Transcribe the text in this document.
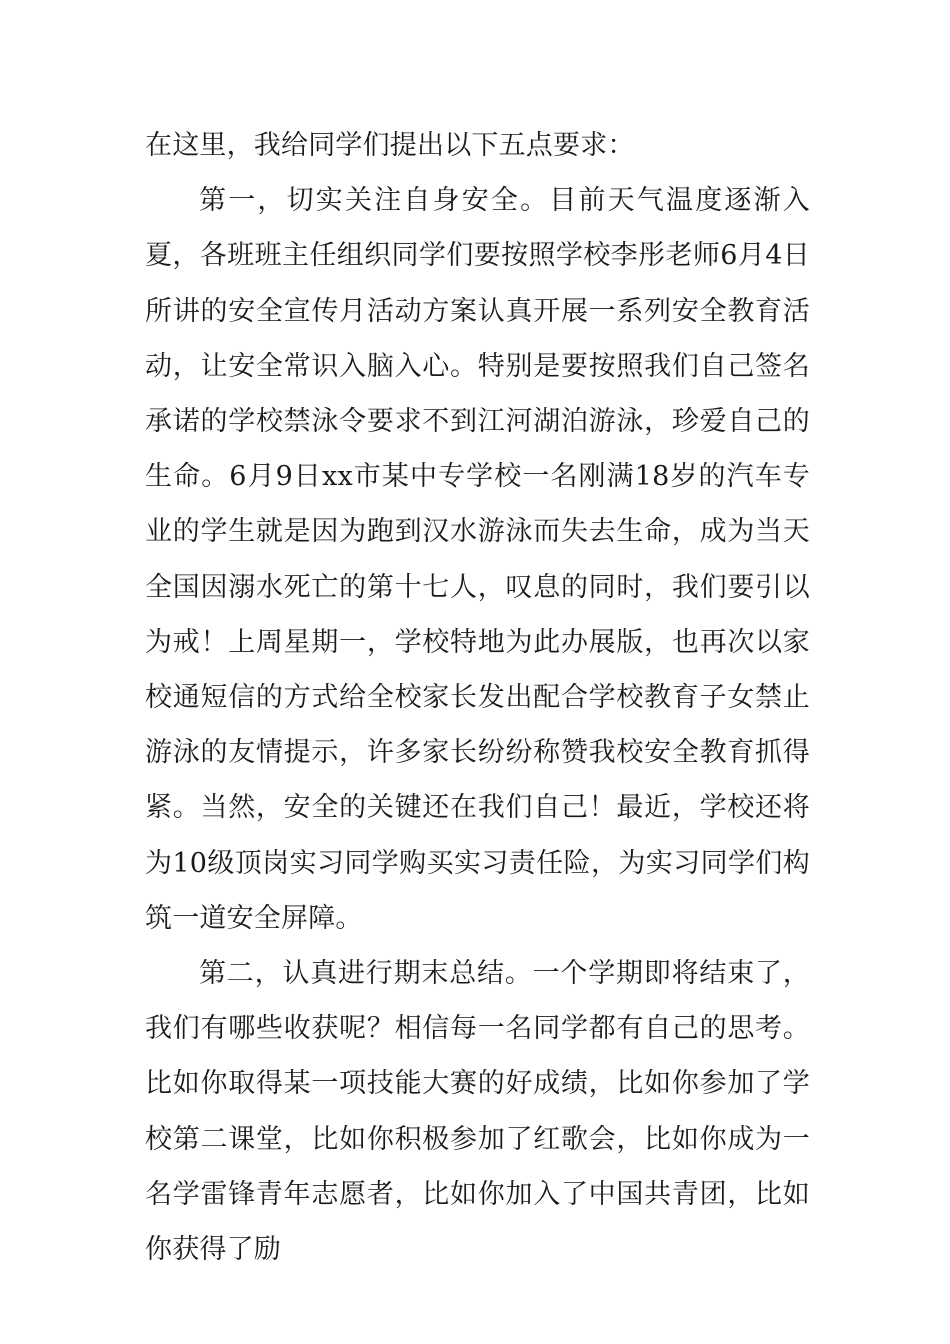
在这里，我给同学们提出以下五点要求：

第一，切实关注自身安全。目前天气温度逐渐入夏，各班班主任组织同学们要按照学校李彤老师6月4日所讲的安全宣传月活动方案认真开展一系列安全教育活动，让安全常识入脑入心。特别是要按照我们自己签名承诺的学校禁泳令要求不到江河湖泊游泳，珍爱自己的生命。6月9日xx市某中专学校一名刚满18岁的汽车专业的学生就是因为跑到汉水游泳而失去生命，成为当天全国因溺水死亡的第十七人，叹息的同时，我们要引以为戒！上周星期一，学校特地为此办展版，也再次以家校通短信的方式给全校家长发出配合学校教育子女禁止游泳的友情提示，许多家长纷纷称赞我校安全教育抓得紧。当然，安全的关键还在我们自己！最近，学校还将为10级顶岗实习同学购买实习责任险，为实习同学们构筑一道安全屏障。

第二，认真进行期末总结。一个学期即将结束了，我们有哪些收获呢？相信每一名同学都有自己的思考。比如你取得某一项技能大赛的好成绩，比如你参加了学校第二课堂，比如你积极参加了红歌会，比如你成为一名学雷锋青年志愿者，比如你加入了中国共青团，比如你获得了励
